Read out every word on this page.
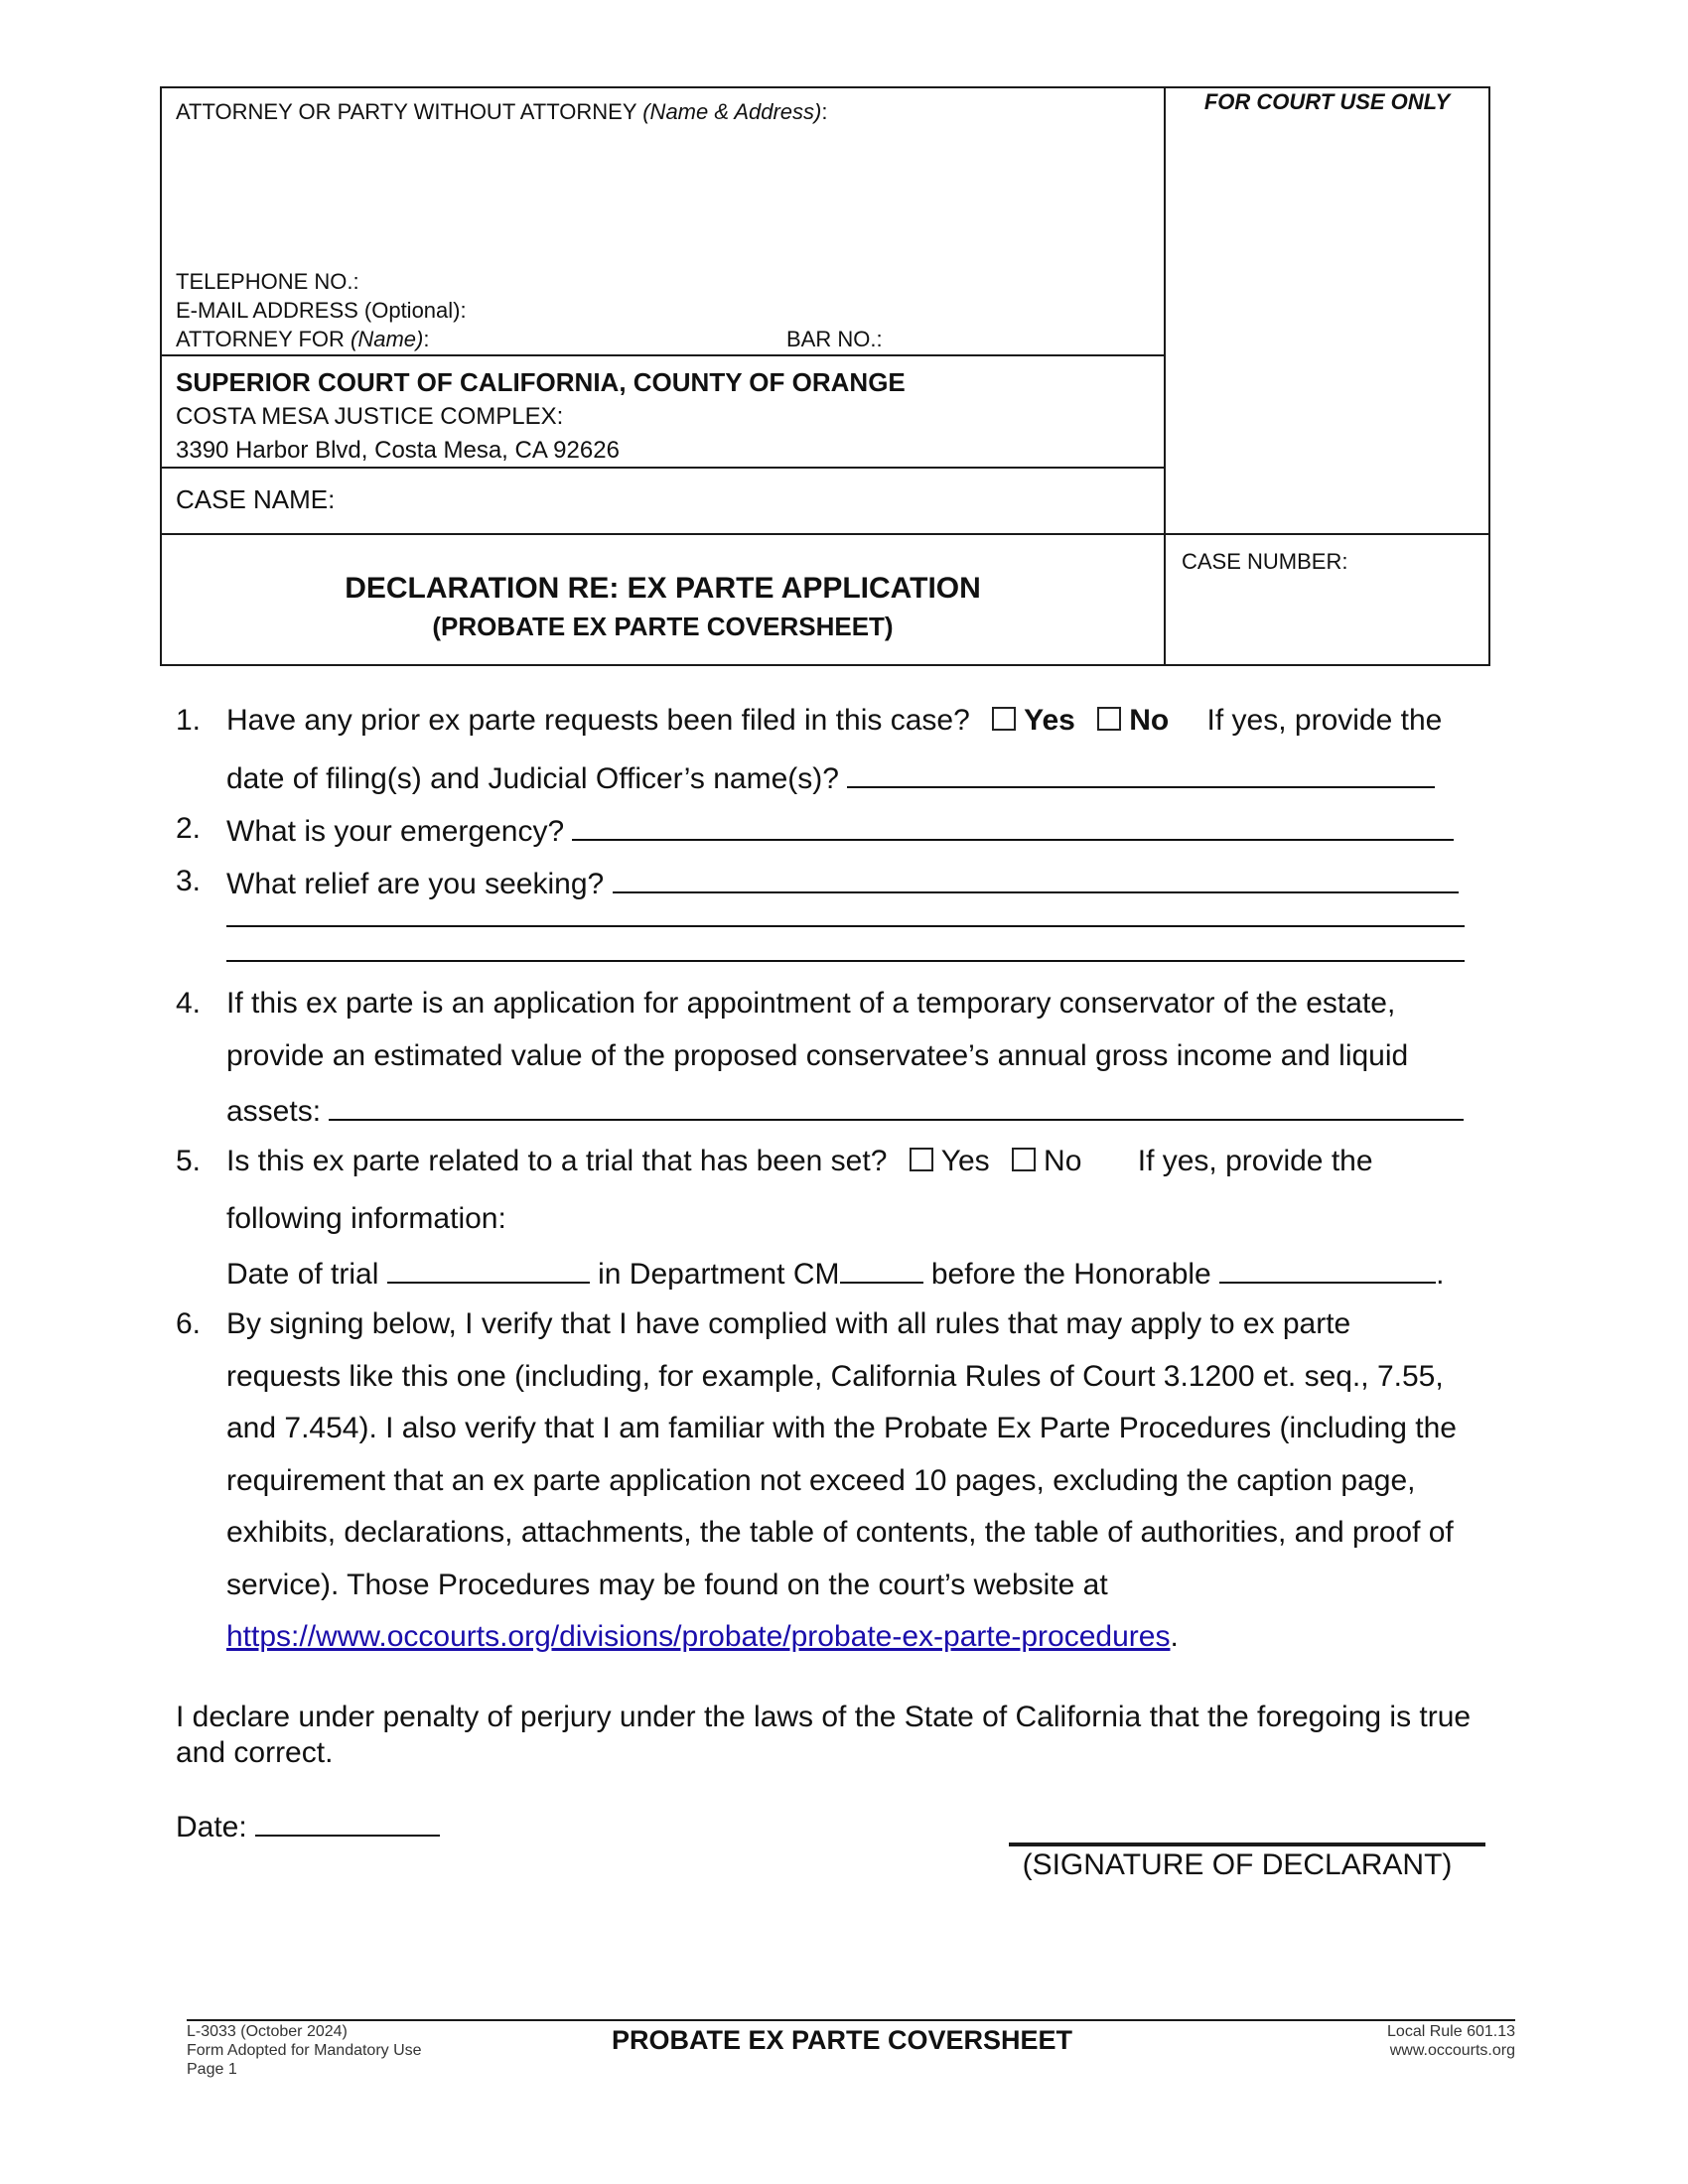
ATTORNEY OR PARTY WITHOUT ATTORNEY (Name & Address):	FOR COURT USE ONLY
TELEPHONE NO.:
E-MAIL ADDRESS (Optional):
ATTORNEY FOR (Name):	BAR NO.:
SUPERIOR COURT OF CALIFORNIA, COUNTY OF ORANGE
COSTA MESA JUSTICE COMPLEX:
3390 Harbor Blvd, Costa Mesa, CA 92626
CASE NAME:
CASE NUMBER:
DECLARATION RE: EX PARTE APPLICATION
(PROBATE EX PARTE COVERSHEET)
1. Have any prior ex parte requests been filed in this case? Yes No If yes, provide the
date of filing(s) and Judicial Officer’s name(s)?
2. What is your emergency?
3. What relief are you seeking?
4. If this ex parte is an application for appointment of a temporary conservator of the estate,
provide an estimated value of the proposed conservatee’s annual gross income and liquid
assets:
5. Is this ex parte related to a trial that has been set? Yes No If yes, provide the
following information:
Date of trial	in Department CM	before the Honorable	.
6. By signing below, I verify that I have complied with all rules that may apply to ex parte requests like this one (including, for example, California Rules of Court 3.1200 et. seq., 7.55, and 7.454). I also verify that I am familiar with the Probate Ex Parte Procedures (including the requirement that an ex parte application not exceed 10 pages, excluding the caption page, exhibits, declarations, attachments, the table of contents, the table of authorities, and proof of service). Those Procedures may be found on the court’s website at https://www.occourts.org/divisions/probate/probate-ex-parte-procedures.
I declare under penalty of perjury under the laws of the State of California that the foregoing is true and correct.
Date:
(SIGNATURE OF DECLARANT)
L-3033 (October 2024)
Form Adopted for Mandatory Use
Page 1
PROBATE EX PARTE COVERSHEET	Local Rule 601.13
www.occourts.org
